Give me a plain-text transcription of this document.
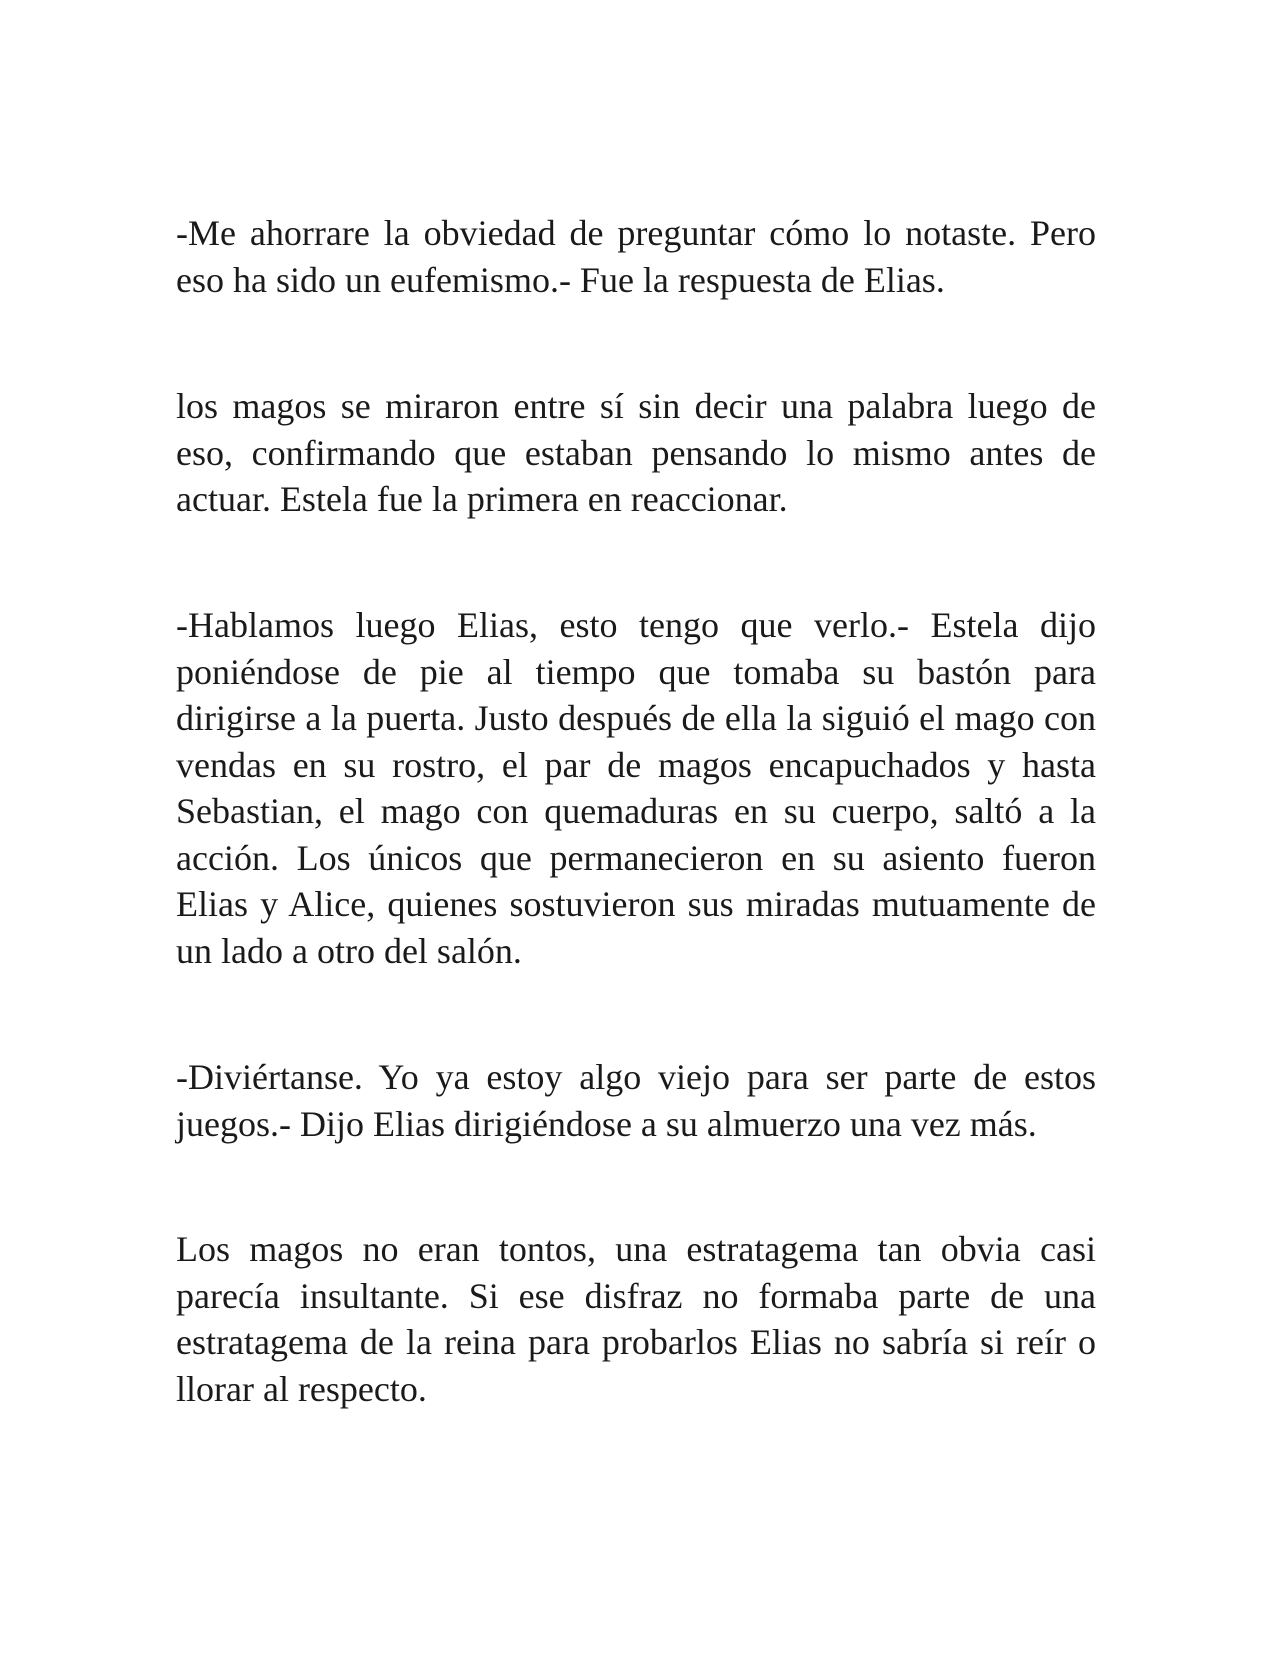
-Me ahorrare la obviedad de preguntar cómo lo notaste. Pero eso ha sido un eufemismo.- Fue la respuesta de Elias.

los magos se miraron entre sí sin decir una palabra luego de eso, confirmando que estaban pensando lo mismo antes de actuar. Estela fue la primera en reaccionar.

-Hablamos luego Elias, esto tengo que verlo.- Estela dijo poniéndose de pie al tiempo que tomaba su bastón para dirigirse a la puerta. Justo después de ella la siguió el mago con vendas en su rostro, el par de magos encapuchados y hasta Sebastian, el mago con quemaduras en su cuerpo, saltó a la acción. Los únicos que permanecieron en su asiento fueron Elias y Alice, quienes sostuvieron sus miradas mutuamente de un lado a otro del salón.

-Diviértanse. Yo ya estoy algo viejo para ser parte de estos juegos.- Dijo Elias dirigiéndose a su almuerzo una vez más.

Los magos no eran tontos, una estratagema tan obvia casi parecía insultante. Si ese disfraz no formaba parte de una estratagema de la reina para probarlos Elias no sabría si reír o llorar al respecto.
